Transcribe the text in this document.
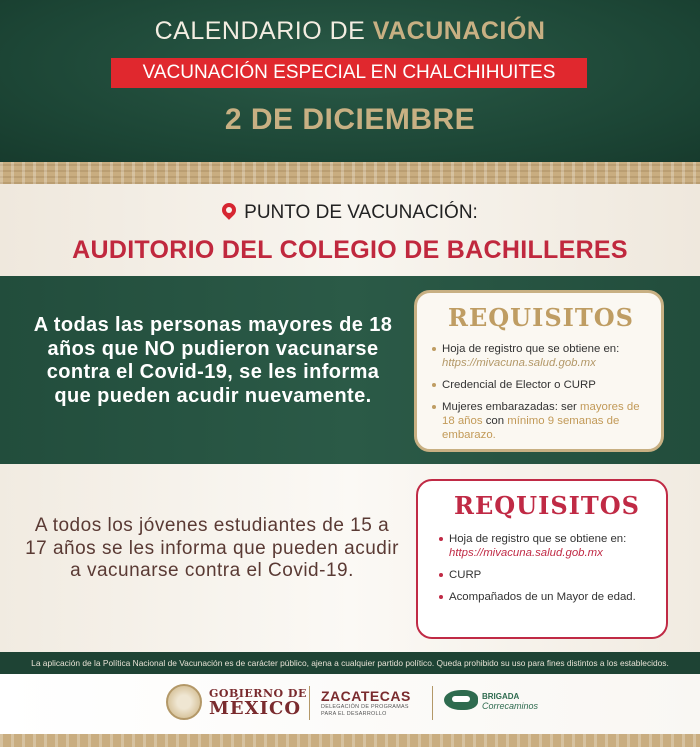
CALENDARIO DE VACUNACIÓN
VACUNACIÓN ESPECIAL EN CHALCHIHUITES
2 DE DICIEMBRE
PUNTO DE VACUNACIÓN:
AUDITORIO DEL COLEGIO DE BACHILLERES
A todas las personas mayores de 18 años que NO pudieron vacunarse contra el Covid-19, se les informa que pueden acudir nuevamente.
REQUISITOS
Hoja de registro que se obtiene en: https://mivacuna.salud.gob.mx
Credencial de Elector o CURP
Mujeres embarazadas: ser mayores de 18 años con mínimo 9 semanas de embarazo.
A todos los jóvenes estudiantes de 15 a 17 años se les informa que pueden acudir a vacunarse contra el Covid-19.
REQUISITOS
Hoja de registro que se obtiene en: https://mivacuna.salud.gob.mx
CURP
Acompañados de un Mayor de edad.
La aplicación de la Política Nacional de Vacunación es de carácter público, ajena a cualquier partido político. Queda prohibido su uso para fines distintos a los establecidos.
GOBIERNO DE
MÉXICO
ZACATECAS
DELEGACIÓN DE PROGRAMAS
PARA EL DESARROLLO
BRIGADA
Correcaminos
